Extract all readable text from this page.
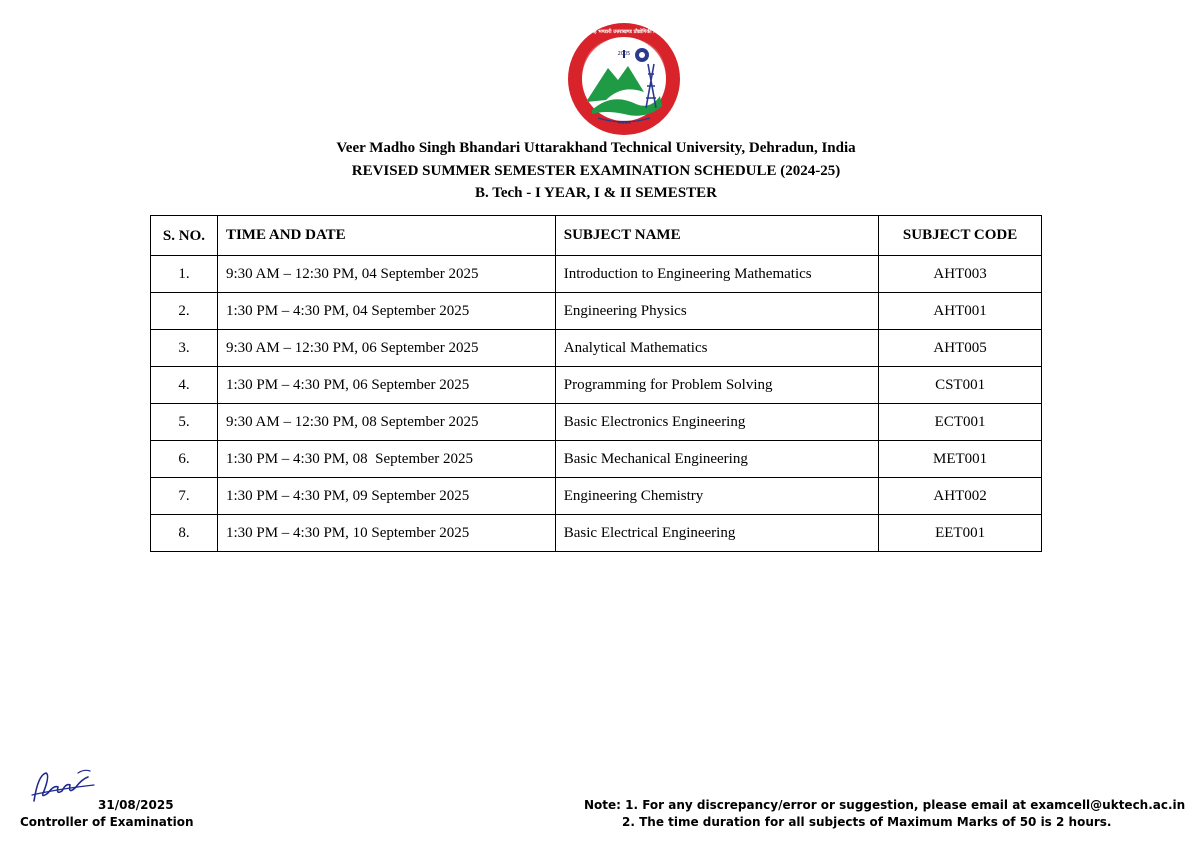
वीर माधो सिंह भण्डारी उत्तराखण्ड प्रौद्योगिकी विश्वविद्यालय
2005
नवाचार
Veer Madho Singh Bhandari Uttarakhand Technical University, Dehradun, India
REVISED SUMMER SEMESTER EXAMINATION SCHEDULE (2024-25)
B. Tech - I YEAR, I & II SEMESTER
S. NO.	TIME AND DATE	SUBJECT NAME	SUBJECT CODE
1.	9:30 AM – 12:30 PM, 04 September 2025	Introduction to Engineering Mathematics	AHT003
2.	1:30 PM – 4:30 PM, 04 September 2025	Engineering Physics	AHT001
3.	9:30 AM – 12:30 PM, 06 September 2025	Analytical Mathematics	AHT005
4.	1:30 PM – 4:30 PM, 06 September 2025	Programming for Problem Solving	CST001
5.	9:30 AM – 12:30 PM, 08 September 2025	Basic Electronics Engineering	ECT001
6.	1:30 PM – 4:30 PM, 08  September 2025	Basic Mechanical Engineering	MET001
7.	1:30 PM – 4:30 PM, 09 September 2025	Engineering Chemistry	AHT002
8.	1:30 PM – 4:30 PM, 10 September 2025	Basic Electrical Engineering	EET001
31/08/2025
Controller of Examination
Note: 1. For any discrepancy/error or suggestion, please email at examcell@uktech.ac.in
2. The time duration for all subjects of Maximum Marks of 50 is 2 hours.
